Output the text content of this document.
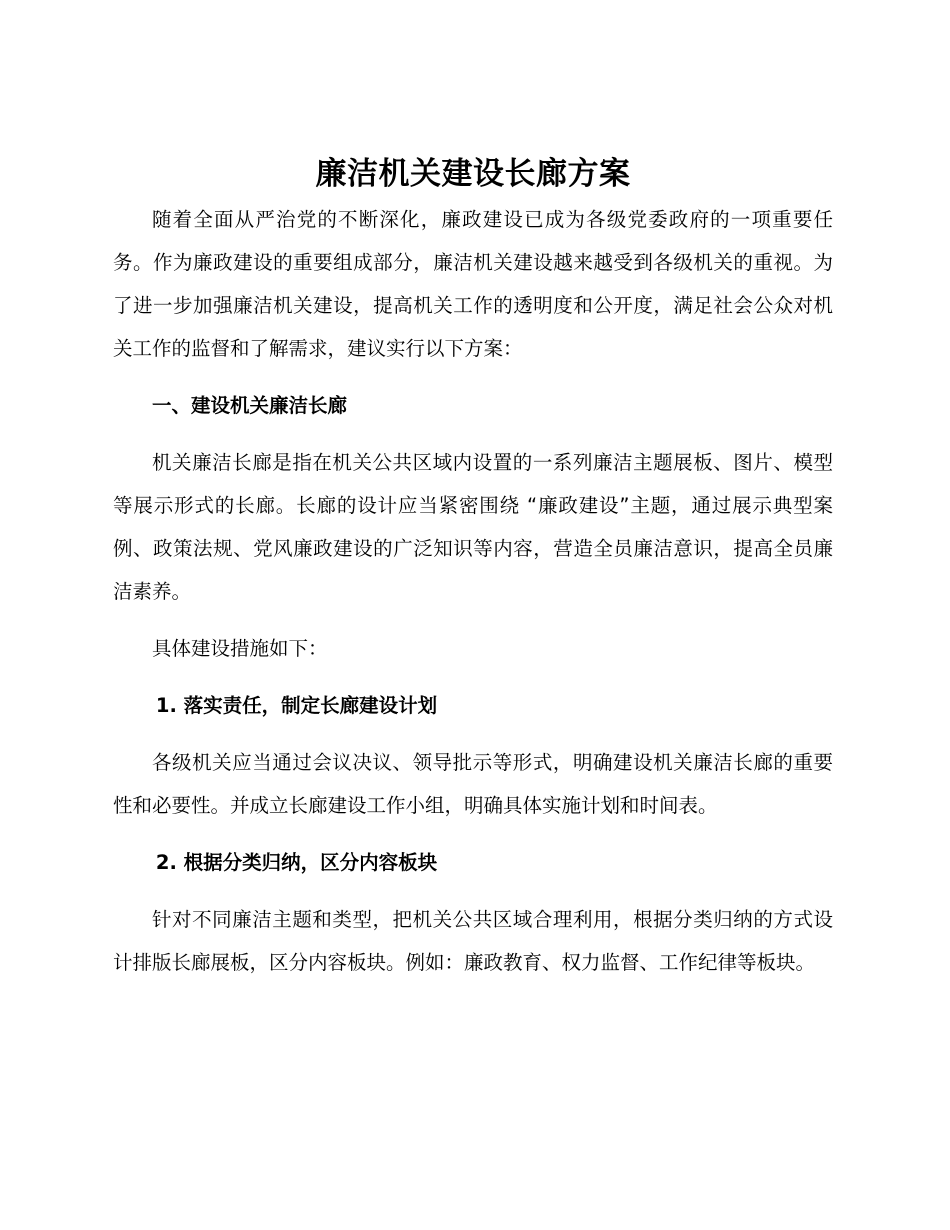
廉洁机关建设长廊方案

随着全面从严治党的不断深化，廉政建设已成为各级党委政府的一项重要任务。作为廉政建设的重要组成部分，廉洁机关建设越来越受到各级机关的重视。为了进一步加强廉洁机关建设，提高机关工作的透明度和公开度，满足社会公众对机关工作的监督和了解需求，建议实行以下方案：

一、建设机关廉洁长廊

机关廉洁长廊是指在机关公共区域内设置的一系列廉洁主题展板、图片、模型等展示形式的长廊。长廊的设计应当紧密围绕 “廉政建设”主题，通过展示典型案例、政策法规、党风廉政建设的广泛知识等内容，营造全员廉洁意识，提高全员廉洁素养。

具体建设措施如下：

1. 落实责任，制定长廊建设计划

各级机关应当通过会议决议、领导批示等形式，明确建设机关廉洁长廊的重要性和必要性。并成立长廊建设工作小组，明确具体实施计划和时间表。

2. 根据分类归纳，区分内容板块

针对不同廉洁主题和类型，把机关公共区域合理利用，根据分类归纳的方式设计排版长廊展板，区分内容板块。例如：廉政教育、权力监督、工作纪律等板块。
